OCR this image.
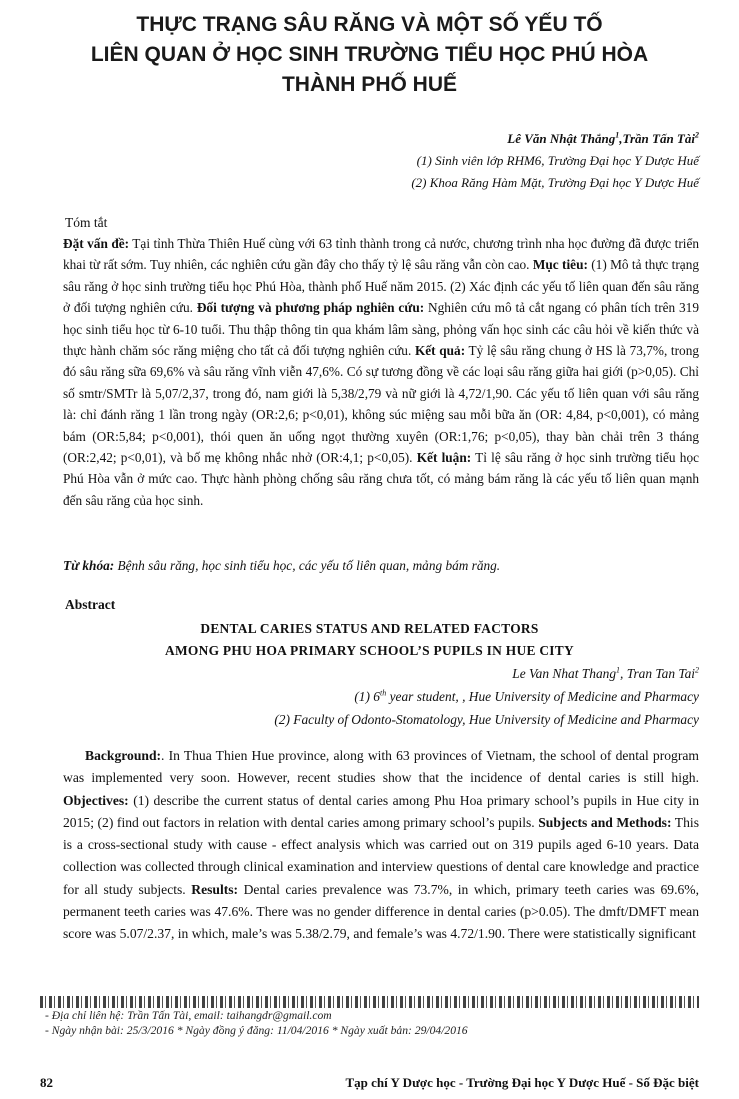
THỰC TRẠNG SÂU RĂNG VÀ MỘT SỐ YẾU TỐ
LIÊN QUAN Ở HỌC SINH TRƯỜNG TIỂU HỌC PHÚ HÒA
THÀNH PHỐ HUẾ
Lê Văn Nhật Thắng$^1$,Trần Tấn Tài$^2$
(1) Sinh viên lớp RHM6, Trường Đại học Y Dược Huế
(2) Khoa Răng Hàm Mặt, Trường Đại học Y Dược Huế
Tóm tắt
Đặt vấn đề: Tại tỉnh Thừa Thiên Huế cùng với 63 tỉnh thành trong cả nước, chương trình nha học đường đã được triển khai từ rất sớm. Tuy nhiên, các nghiên cứu gần đây cho thấy tỷ lệ sâu răng vẫn còn cao. Mục tiêu: (1) Mô tả thực trạng sâu răng ở học sinh trường tiểu học Phú Hòa, thành phố Huế năm 2015. (2) Xác định các yếu tố liên quan đến sâu răng ở đối tượng nghiên cứu. Đối tượng và phương pháp nghiên cứu: Nghiên cứu mô tả cắt ngang có phân tích trên 319 học sinh tiểu học từ 6-10 tuổi. Thu thập thông tin qua khám lâm sàng, phỏng vấn học sinh các câu hỏi về kiến thức và thực hành chăm sóc răng miệng cho tất cả đối tượng nghiên cứu. Kết quả: Tỷ lệ sâu răng chung ở HS là 73,7%, trong đó sâu răng sữa 69,6% và sâu răng vĩnh viễn 47,6%. Có sự tương đồng về các loại sâu răng giữa hai giới (p>0,05). Chỉ số smtr/SMTr là 5,07/2,37, trong đó, nam giới là 5,38/2,79 và nữ giới là 4,72/1,90. Các yếu tố liên quan với sâu răng là: chỉ đánh răng 1 lần trong ngày (OR:2,6; p<0,01), không súc miệng sau mỗi bữa ăn (OR: 4,84, p<0,001), có mảng bám (OR:5,84; p<0,001), thói quen ăn uống ngọt thường xuyên (OR:1,76; p<0,05), thay bàn chải trên 3 tháng (OR:2,42; p<0,01), và bố mẹ không nhắc nhở (OR:4,1; p<0,05). Kết luận: Tỉ lệ sâu răng ở học sinh trường tiểu học Phú Hòa vẫn ở mức cao. Thực hành phòng chống sâu răng chưa tốt, có mảng bám răng là các yếu tố liên quan mạnh đến sâu răng của học sinh.
Từ khóa: Bệnh sâu răng, học sinh tiểu học, các yếu tố liên quan, mảng bám răng.
Abstract
DENTAL CARIES STATUS AND RELATED FACTORS
AMONG PHU HOA PRIMARY SCHOOL’S PUPILS IN HUE CITY
Le Van Nhat Thang$^1$, Tran Tan Tai$^2$
(1) 6th year student, , Hue University of Medicine and Pharmacy
(2) Faculty of Odonto-Stomatology, Hue University of Medicine and Pharmacy
Background:. In Thua Thien Hue province, along with 63 provinces of Vietnam, the school of dental program was implemented very soon. However, recent studies show that the incidence of dental caries is still high. Objectives: (1) describe the current status of dental caries among Phu Hoa primary school’s pupils in Hue city in 2015; (2) find out factors in relation with dental caries among primary school’s pupils. Subjects and Methods: This is a cross-sectional study with cause - effect analysis which was carried out on 319 pupils aged 6-10 years. Data collection was collected through clinical examination and interview questions of dental care knowledge and practice for all study subjects. Results: Dental caries prevalence was 73.7%, in which, primary teeth caries was 69.6%, permanent teeth caries was 47.6%. There was no gender difference in dental caries (p>0.05). The dmft/DMFT mean score was 5.07/2.37, in which, male’s was 5.38/2.79, and female’s was 4.72/1.90. There were statistically significant
- Địa chỉ liên hệ: Trần Tấn Tài, email: taihangdr@gmail.com
- Ngày nhận bài: 25/3/2016 * Ngày đồng ý đăng: 11/04/2016 * Ngày xuất bản: 29/04/2016
82	Tạp chí Y Dược học - Trường Đại học Y Dược Huế - Số Đặc biệt
